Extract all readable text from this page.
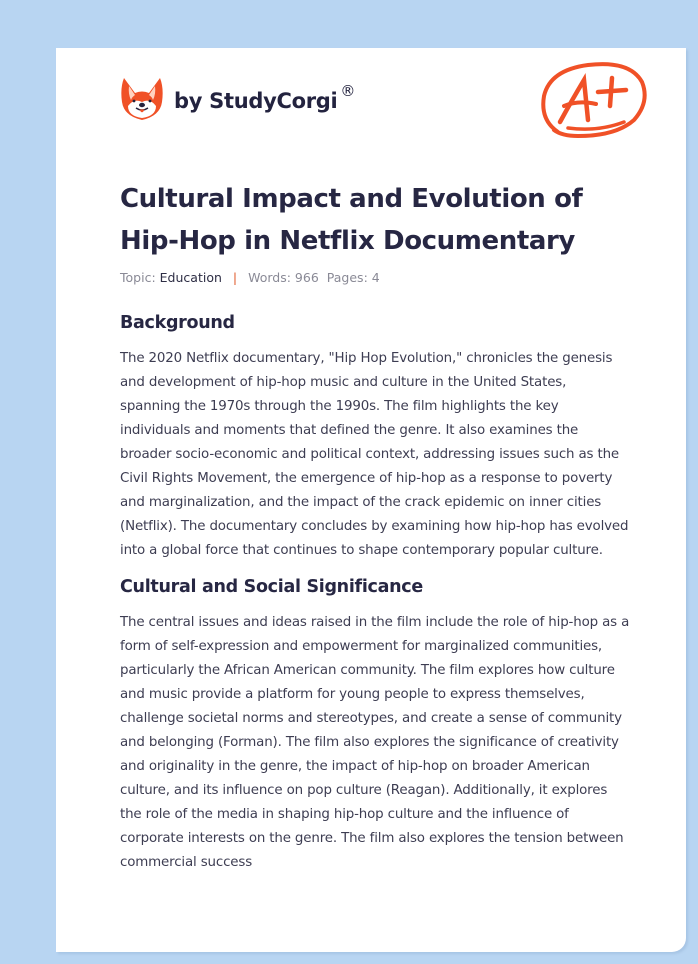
by StudyCorgi ®
Cultural Impact and Evolution of Hip-Hop in Netflix Documentary
Topic: Education | Words: 966 Pages: 4
Background

The 2020 Netflix documentary, "Hip Hop Evolution," chronicles the genesis and development of hip-hop music and culture in the United States, spanning the 1970s through the 1990s. The film highlights the key individuals and moments that defined the genre. It also examines the broader socio-economic and political context, addressing issues such as the Civil Rights Movement, the emergence of hip-hop as a response to poverty and marginalization, and the impact of the crack epidemic on inner cities (Netflix). The documentary concludes by examining how hip-hop has evolved into a global force that continues to shape contemporary popular culture.

Cultural and Social Significance

The central issues and ideas raised in the film include the role of hip-hop as a form of self-expression and empowerment for marginalized communities, particularly the African American community. The film explores how culture and music provide a platform for young people to express themselves, challenge societal norms and stereotypes, and create a sense of community and belonging (Forman). The film also explores the significance of creativity and originality in the genre, the impact of hip-hop on broader American culture, and its influence on pop culture (Reagan). Additionally, it explores the role of the media in shaping hip-hop culture and the influence of corporate interests on the genre. The film also explores the tension between commercial success
